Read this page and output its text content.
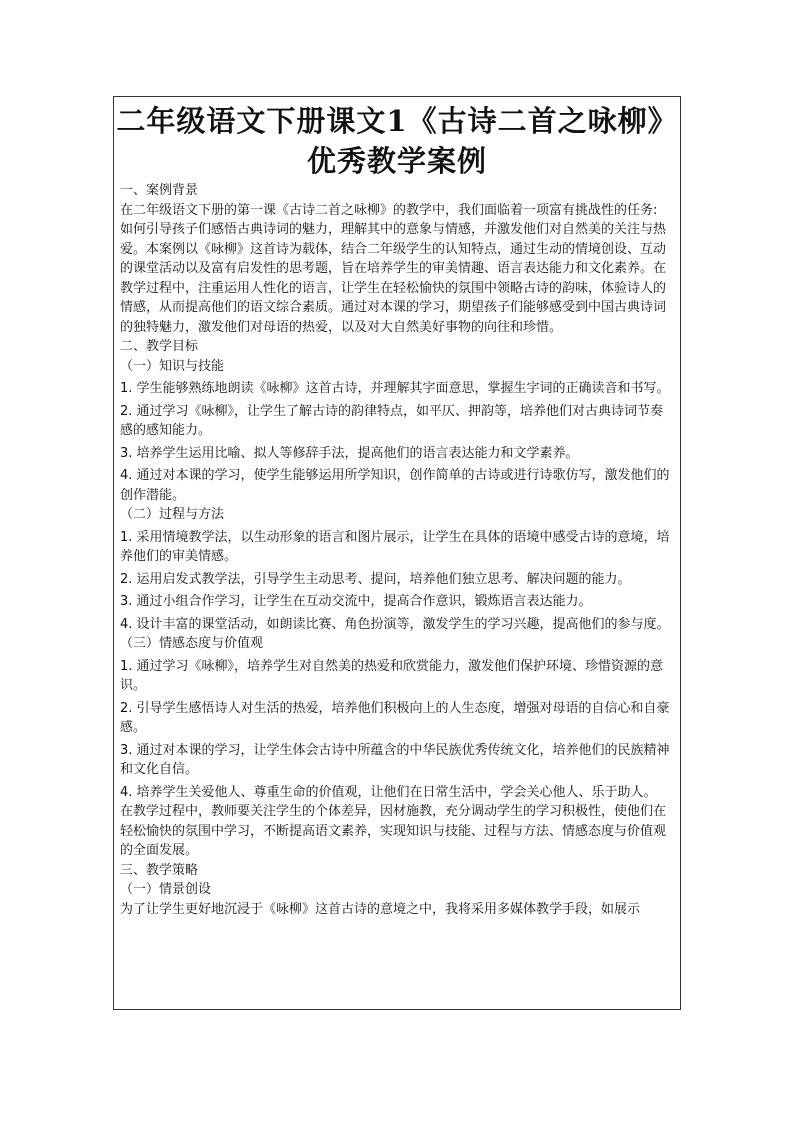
二年级语文下册课文1《古诗二首之咏柳》
优秀教学案例

一、案例背景

在二年级语文下册的第一课《古诗二首之咏柳》的教学中，我们面临着一项富有挑战性的任务: 如何引导孩子们感悟古典诗词的魅力，理解其中的意象与情感，并激发他们对自然美的关注与热爱。本案例以《咏柳》这首诗为载体，结合二年级学生的认知特点，通过生动的情境创设、互动的课堂活动以及富有启发性的思考题，旨在培养学生的审美情趣、语言表达能力和文化素养。在教学过程中，注重运用人性化的语言，让学生在轻松愉快的氛围中领略古诗的韵味，体验诗人的情感，从而提高他们的语文综合素质。通过对本课的学习，期望孩子们能够感受到中国古典诗词的独特魅力，激发他们对母语的热爱，以及对大自然美好事物的向往和珍惜。

二、教学目标

（一）知识与技能

1. 学生能够熟练地朗读《咏柳》这首古诗，并理解其字面意思，掌握生字词的正确读音和书写。

2. 通过学习《咏柳》，让学生了解古诗的韵律特点，如平仄、押韵等，培养他们对古典诗词节奏感的感知能力。

3. 培养学生运用比喻、拟人等修辞手法，提高他们的语言表达能力和文学素养。

4. 通过对本课的学习，使学生能够运用所学知识，创作简单的古诗或进行诗歌仿写，激发他们的创作潜能。

（二）过程与方法

1. 采用情境教学法，以生动形象的语言和图片展示，让学生在具体的语境中感受古诗的意境，培养他们的审美情感。

2. 运用启发式教学法，引导学生主动思考、提问，培养他们独立思考、解决问题的能力。

3. 通过小组合作学习，让学生在互动交流中，提高合作意识，锻炼语言表达能力。

4. 设计丰富的课堂活动，如朗读比赛、角色扮演等，激发学生的学习兴趣，提高他们的参与度。

（三）情感态度与价值观

1. 通过学习《咏柳》，培养学生对自然美的热爱和欣赏能力，激发他们保护环境、珍惜资源的意识。

2. 引导学生感悟诗人对生活的热爱，培养他们积极向上的人生态度，增强对母语的自信心和自豪感。

3. 通过对本课的学习，让学生体会古诗中所蕴含的中华民族优秀传统文化，培养他们的民族精神和文化自信。

4. 培养学生关爱他人、尊重生命的价值观，让他们在日常生活中，学会关心他人、乐于助人。

在教学过程中，教师要关注学生的个体差异，因材施教，充分调动学生的学习积极性，使他们在轻松愉快的氛围中学习，不断提高语文素养，实现知识与技能、过程与方法、情感态度与价值观的全面发展。

三、教学策略

（一）情景创设

为了让学生更好地沉浸于《咏柳》这首古诗的意境之中，我将采用多媒体教学手段，如展示
